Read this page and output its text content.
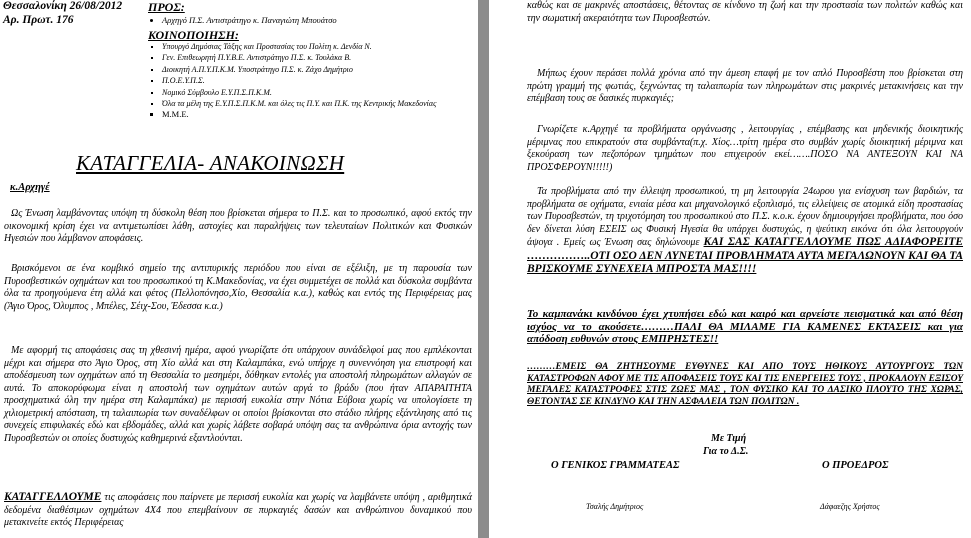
Θεσσαλονίκη 26/08/2012
Αρ. Πρωτ. 176
ΠΡΟΣ:
• Αρχηγό Π.Σ. Αντιστράτηγο κ. Παναγιώτη Μπουάτσο
ΚΟΙΝΟΠΟΙΗΣΗ:
▪ Υπουργό Δημόσιας Τάξης και Προστασίας του Πολίτη κ. Δενδία Ν.
▪ Γεν. Επιθεωρητή Π.Υ.Β.Ε. Αντιστράτηγο Π.Σ. κ. Τουλάκα Β.
▪ Διοικητή Α.Π.Υ.Π.Κ.Μ. Υποστράτηγο Π.Σ. κ. Ζάχο Δημήτριο
▪ Π.Ο.Ε.Υ.Π.Σ.
▪ Νομικό Σύμβουλο Ε.Υ.Π.Σ.Π.Κ.Μ.
▪ Όλα τα μέλη της Ε.Υ.Π.Σ.Π.Κ.Μ. και όλες τις Π.Υ. και Π.Κ. της Κεντρικής Μακεδονίας
▪ Μ.Μ.Ε.
ΚΑΤΑΓΓΕΛΙΑ- ΑΝΑΚΟΙΝΩΣΗ
κ.Αρχηγέ

Ως Ένωση λαμβάνοντας υπόψη τη δύσκολη θέση που βρίσκεται σήμερα το Π.Σ. και το προσωπικό, αφού εκτός την οικονομική κρίση έχει να αντιμετωπίσει λάθη, αστοχίες και παραλήψεις των τελευταίων Πολιτικών και Φυσικών Ηγεσιών που λάμβανον αποφάσεις.

Βρισκόμενοι σε ένα κομβικό σημείο της αντιπυρικής περιόδου που είναι σε εξέλιξη, με τη παρουσία των Πυροσβεστικών οχημάτων και του προσωπικού τη Κ.Μακεδονίας, να έχει συμμετέχει σε πολλά και δύσκολα συμβάντα όλα τα προηγούμενα έτη αλλά και φέτος (Πελλοπόνησο,Χίο, Θεσσαλία κ.α.), καθώς και εντός της Περιφέρειας μας (Άγιο Όρος, Όλυμπος , Μπέλες, Σέιχ-Σου, Έδεσσα κ.α.)

Με αφορμή τις αποφάσεις σας τη χθεσινή ημέρα, αφού γνωρίζατε ότι υπάρχουν συνάδελφοί μας που εμπλέκονται μέχρι και σήμερα στο Άγιο Όρος, στη Χίο αλλά και στη Καλαμπάκα, ενώ υπήρχε η συνεννόηση για επιστροφή και αποδέσμευση των οχημάτων από τη Θεσσαλία το μεσημέρι, δόθηκαν εντολές για αποστολή πληρωμάτων αλλαγών σε αυτά. Το αποκορύφωμα είναι η αποστολή των οχημάτων αυτών αργά το βράδυ (που ήταν ΑΠΑΡΑΙΤΗΤΑ προσχηματικά όλη την ημέρα στη Καλαμπάκα) με περισσή ευκολία στην Νότια Εύβοια χωρίς να υπολογίσετε τη χιλιομετρική απόσταση, τη ταλαιπωρία των συναδέλφων οι οποίοι βρίσκονται στο στάδιο πλήρης εξάντλησης από τις συνεχείς επιφυλακές εδώ και εβδομάδες, αλλά και χωρίς λάβετε σοβαρά υπόψη σας τα ανθρώπινα όρια αντοχής των Πυροσβεστών οι οποίες δυστυχώς καθημερινά εξαντλούνται.

ΚΑΤΑΓΓΕΛΛΟΥΜΕ τις αποφάσεις που παίρνετε με περισσή ευκολία και χωρίς να λαμβάνετε υπόψη , αριθμητικά δεδομένα διαθέσιμων οχημάτων 4Χ4 που επεμβαίνουν σε πυρκαγιές δασών και ανθρώπινου δυναμικού που μετακινείτε εκτός Περιφέρειας

καθώς και σε μακρινές αποστάσεις, θέτοντας σε κίνδυνο τη ζωή και την προστασία των πολιτών καθώς και την σωματική ακεραιότητα των Πυροσβεστών.

Μήπως έχουν περάσει πολλά χρόνια από την άμεση επαφή με τον απλό Πυροσβέστη που βρίσκεται στη πρώτη γραμμή της φωτιάς, ξεχνώντας τη ταλαιπωρία των πληρωμάτων στις μακρινές μετακινήσεις και την επέμβαση τους σε δασικές πυρκαγιές;

Γνωρίζετε κ.Αρχηγέ τα προβλήματα οργάνωσης , λειτουργίας , επέμβασης και μηδενικής διοικητικής μέριμνας που επικρατούν στα συμβάντα(π.χ. Χίος…τρίτη ημέρα στο συμβάν χωρίς διοικητική μέριμνα και ξεκούραση των πεζοπόρων τμημάτων που επιχειρούν εκεί…….ΠΟΣΟ ΝΑ ΑΝΤΕΞΟΥΝ ΚΑΙ ΝΑ ΠΡΟΣΦΕΡΟΥΝ!!!!!)

Τα προβλήματα από την έλλειψη προσωπικού, τη μη λειτουργία 24ωρου για ενίσχυση των βαρδιών, τα προβλήματα σε οχήματα, ενιαία μέσα και μηχανολογικό εξοπλισμό, τις ελλείψεις σε ατομικά είδη προστασίας των Πυροσβεστών, τη τριχοτόμηση του προσωπικού στο Π.Σ. κ.ο.κ. έχουν δημιουργήσει προβλήματα, που όσο δεν δίνεται λύση ΕΣΕΙΣ ως Φυσική Ηγεσία θα υπάρχει δυστυχώς, η ψεύτικη εικόνα ότι όλα λειτουργούν άψογα . Εμείς ως Ένωση σας δηλώνουμε ΚΑΙ ΣΑΣ ΚΑΤΑΓΓΕΛΛΟΥΜΕ ΠΩΣ ΑΔΙΑΦΟΡΕΙΤΕ ……………..ΟΤΙ ΟΣΟ ΔΕΝ ΛΥΝΕΤΑΙ ΠΡΟΒΛΗΜΑΤΑ ΑΥΤΑ ΜΕΓΑΛΩΝΟΥΝ ΚΑΙ ΘΑ ΤΑ ΒΡΙΣΚΟΥΜΕ ΣΥΝΕΧΕΙΑ ΜΠΡΟΣΤΑ ΜΑΣ!!!!

Το καμπανάκι κινδύνου έχει χτυπήσει εδώ και καιρό και αρνείστε πεισματικά και από θέση ισχύος να το ακούσετε………ΠΑΛΙ ΘΑ ΜΙΛΑΜΕ ΓΙΑ ΚΑΜΕΝΕΣ ΕΚΤΑΣΕΙΣ και για απόδοση ευθυνών στους ΕΜΠΡΗΣΤΕΣ!!

………ΕΜΕΙΣ ΘΑ ΖΗΤΗΣΟΥΜΕ ΕΥΘΥΝΕΣ ΚΑΙ ΑΠΟ ΤΟΥΣ ΗΘΙΚΟΥΣ ΑΥΤΟΥΡΓΟΥΣ ΤΩΝ ΚΑΤΑΣΤΡΟΦΩΝ ΑΦΟΥ ΜΕ ΤΙΣ ΑΠΟΦΑΣΕΙΣ ΤΟΥΣ ΚΑΙ ΤΙΣ ΕΝΕΡΓΕΙΕΣ ΤΟΥΣ , ΠΡΟΚΑΛΟΥΝ ΕΞΙΣΟΥ ΜΕΓΑΛΕΣ ΚΑΤΑΣΤΡΟΦΕΣ ΣΤΙΣ ΖΩΕΣ ΜΑΣ , ΤΟΝ ΦΥΣΙΚΟ ΚΑΙ ΤΟ ΔΑΣΙΚΟ ΠΛΟΥΤΟ ΤΗΣ ΧΩΡΑΣ, ΘΕΤΟΝΤΑΣ ΣΕ ΚΙΝΔΥΝΟ ΚΑΙ ΤΗΝ ΑΣΦΑΛΕΙΑ ΤΩΝ ΠΟΛΙΤΩΝ .

Με Τιμή
Για το Δ.Σ.
Ο ΓΕΝΙΚΟΣ ΓΡΑΜΜΑΤΕΑΣ	Ο ΠΡΟΕΔΡΟΣ
Τσαλής Δημήτριος	Δάφαεζης Χρήστος
